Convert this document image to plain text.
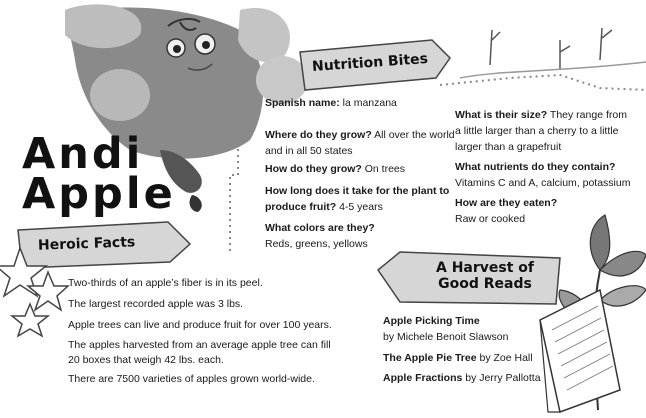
Andi
Apple
Nutrition Bites
Spanish name: la manzana
Where do they grow? All over the world and in all 50 states
How do they grow? On trees
How long does it take for the plant to produce fruit? 4-5 years
What colors are they?
Reds, greens, yellows
What is their size? They range from a little larger than a cherry to a little larger than a grapefruit
What nutrients do they contain?
Vitamins C and A, calcium, potassium
How are they eaten?
Raw or cooked
Heroic Facts
Two-thirds of an apple’s fiber is in its peel.
The largest recorded apple was 3 lbs.
Apple trees can live and produce fruit for over 100 years.
The apples harvested from an average apple tree can fill 20 boxes that weigh 42 lbs. each.
There are 7500 varieties of apples grown world-wide.
A Harvest of
Good Reads
Apple Picking Time
by Michele Benoit Slawson
The Apple Pie Tree by Zoe Hall
Apple Fractions by Jerry Pallotta
